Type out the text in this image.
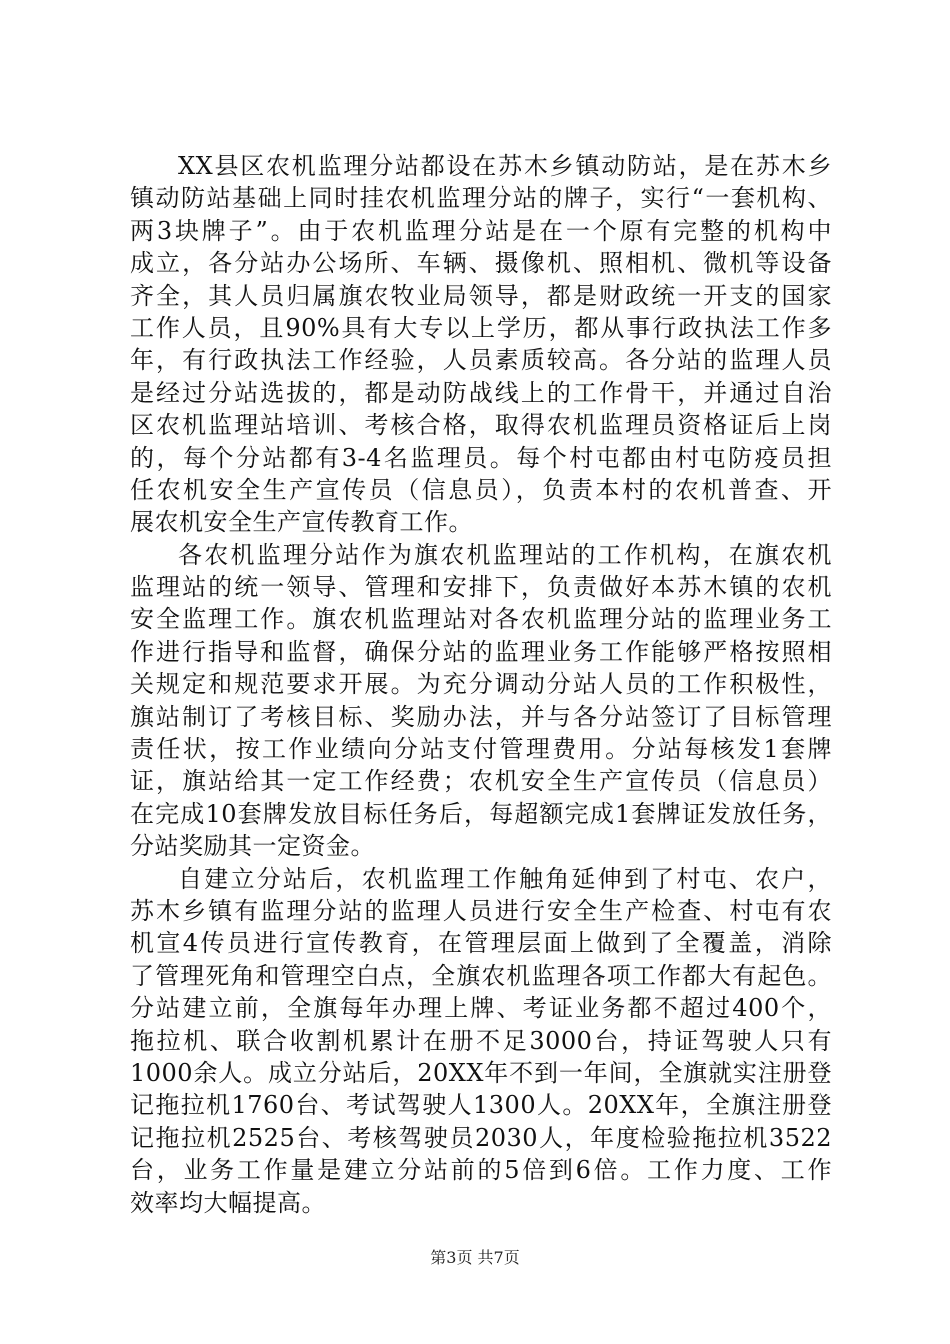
XX县区农机监理分站都设在苏木乡镇动防站，是在苏木乡
镇动防站基础上同时挂农机监理分站的牌子，实行“一套机构、
两3块牌子”。由于农机监理分站是在一个原有完整的机构中
成立，各分站办公场所、车辆、摄像机、照相机、微机等设备
齐全，其人员归属旗农牧业局领导，都是财政统一开支的国家
工作人员，且90%具有大专以上学历，都从事行政执法工作多
年，有行政执法工作经验，人员素质较高。各分站的监理人员
是经过分站选拔的，都是动防战线上的工作骨干，并通过自治
区农机监理站培训、考核合格，取得农机监理员资格证后上岗
的，每个分站都有3-4名监理员。每个村屯都由村屯防疫员担
任农机安全生产宣传员（信息员），负责本村的农机普查、开
展农机安全生产宣传教育工作。
各农机监理分站作为旗农机监理站的工作机构，在旗农机
监理站的统一领导、管理和安排下，负责做好本苏木镇的农机
安全监理工作。旗农机监理站对各农机监理分站的监理业务工
作进行指导和监督，确保分站的监理业务工作能够严格按照相
关规定和规范要求开展。为充分调动分站人员的工作积极性，
旗站制订了考核目标、奖励办法，并与各分站签订了目标管理
责任状，按工作业绩向分站支付管理费用。分站每核发1套牌
证，旗站给其一定工作经费；农机安全生产宣传员（信息员）
在完成10套牌发放目标任务后，每超额完成1套牌证发放任务，
分站奖励其一定资金。
自建立分站后，农机监理工作触角延伸到了村屯、农户，
苏木乡镇有监理分站的监理人员进行安全生产检查、村屯有农
机宣4传员进行宣传教育，在管理层面上做到了全覆盖，消除
了管理死角和管理空白点，全旗农机监理各项工作都大有起色。
分站建立前，全旗每年办理上牌、考证业务都不超过400个，
拖拉机、联合收割机累计在册不足3000台，持证驾驶人只有
1000余人。成立分站后，20XX年不到一年间，全旗就实注册登
记拖拉机1760台、考试驾驶人1300人。20XX年，全旗注册登
记拖拉机2525台、考核驾驶员2030人，年度检验拖拉机3522
台，业务工作量是建立分站前的5倍到6倍。工作力度、工作
效率均大幅提高。
第3页 共7页
